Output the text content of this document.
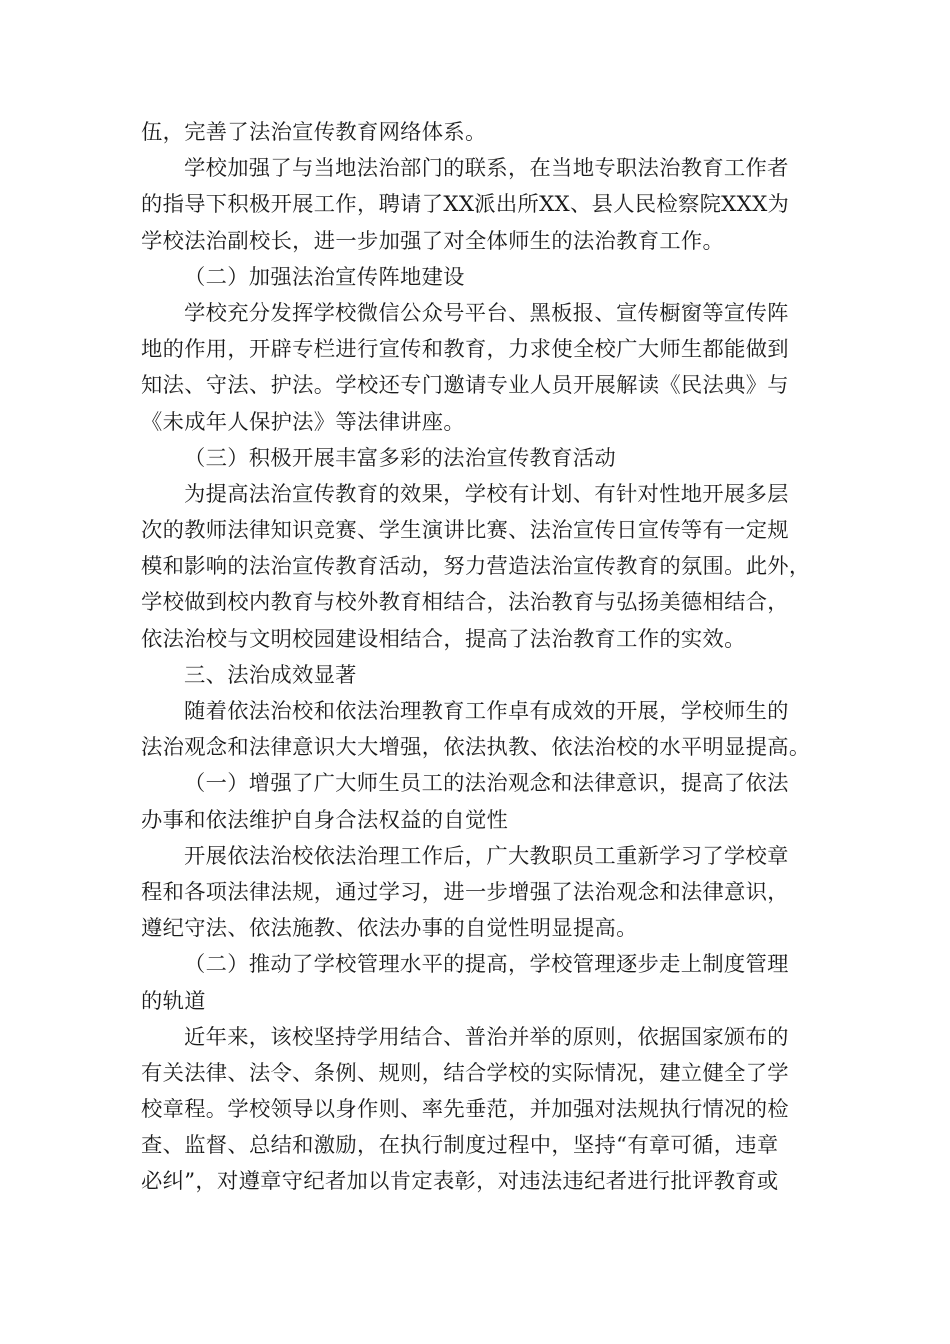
伍，完善了法治宣传教育网络体系。
学校加强了与当地法治部门的联系，在当地专职法治教育工作者
的指导下积极开展工作，聘请了XX派出所XX、县人民检察院XXX为
学校法治副校长，进一步加强了对全体师生的法治教育工作。
（二）加强法治宣传阵地建设
学校充分发挥学校微信公众号平台、黑板报、宣传橱窗等宣传阵
地的作用，开辟专栏进行宣传和教育，力求使全校广大师生都能做到
知法、守法、护法。学校还专门邀请专业人员开展解读《民法典》与
《未成年人保护法》等法律讲座。
（三）积极开展丰富多彩的法治宣传教育活动
为提高法治宣传教育的效果，学校有计划、有针对性地开展多层
次的教师法律知识竞赛、学生演讲比赛、法治宣传日宣传等有一定规
模和影响的法治宣传教育活动，努力营造法治宣传教育的氛围。此外，
学校做到校内教育与校外教育相结合，法治教育与弘扬美德相结合，
依法治校与文明校园建设相结合，提高了法治教育工作的实效。
三、法治成效显著
随着依法治校和依法治理教育工作卓有成效的开展，学校师生的
法治观念和法律意识大大增强，依法执教、依法治校的水平明显提高。
（一）增强了广大师生员工的法治观念和法律意识，提高了依法
办事和依法维护自身合法权益的自觉性
开展依法治校依法治理工作后，广大教职员工重新学习了学校章
程和各项法律法规，通过学习，进一步增强了法治观念和法律意识，
遵纪守法、依法施教、依法办事的自觉性明显提高。
（二）推动了学校管理水平的提高，学校管理逐步走上制度管理
的轨道
近年来，该校坚持学用结合、普治并举的原则，依据国家颁布的
有关法律、法令、条例、规则，结合学校的实际情况，建立健全了学
校章程。学校领导以身作则、率先垂范，并加强对法规执行情况的检
查、监督、总结和激励，在执行制度过程中，坚持“有章可循，违章
必纠”，对遵章守纪者加以肯定表彰，对违法违纪者进行批评教育或
